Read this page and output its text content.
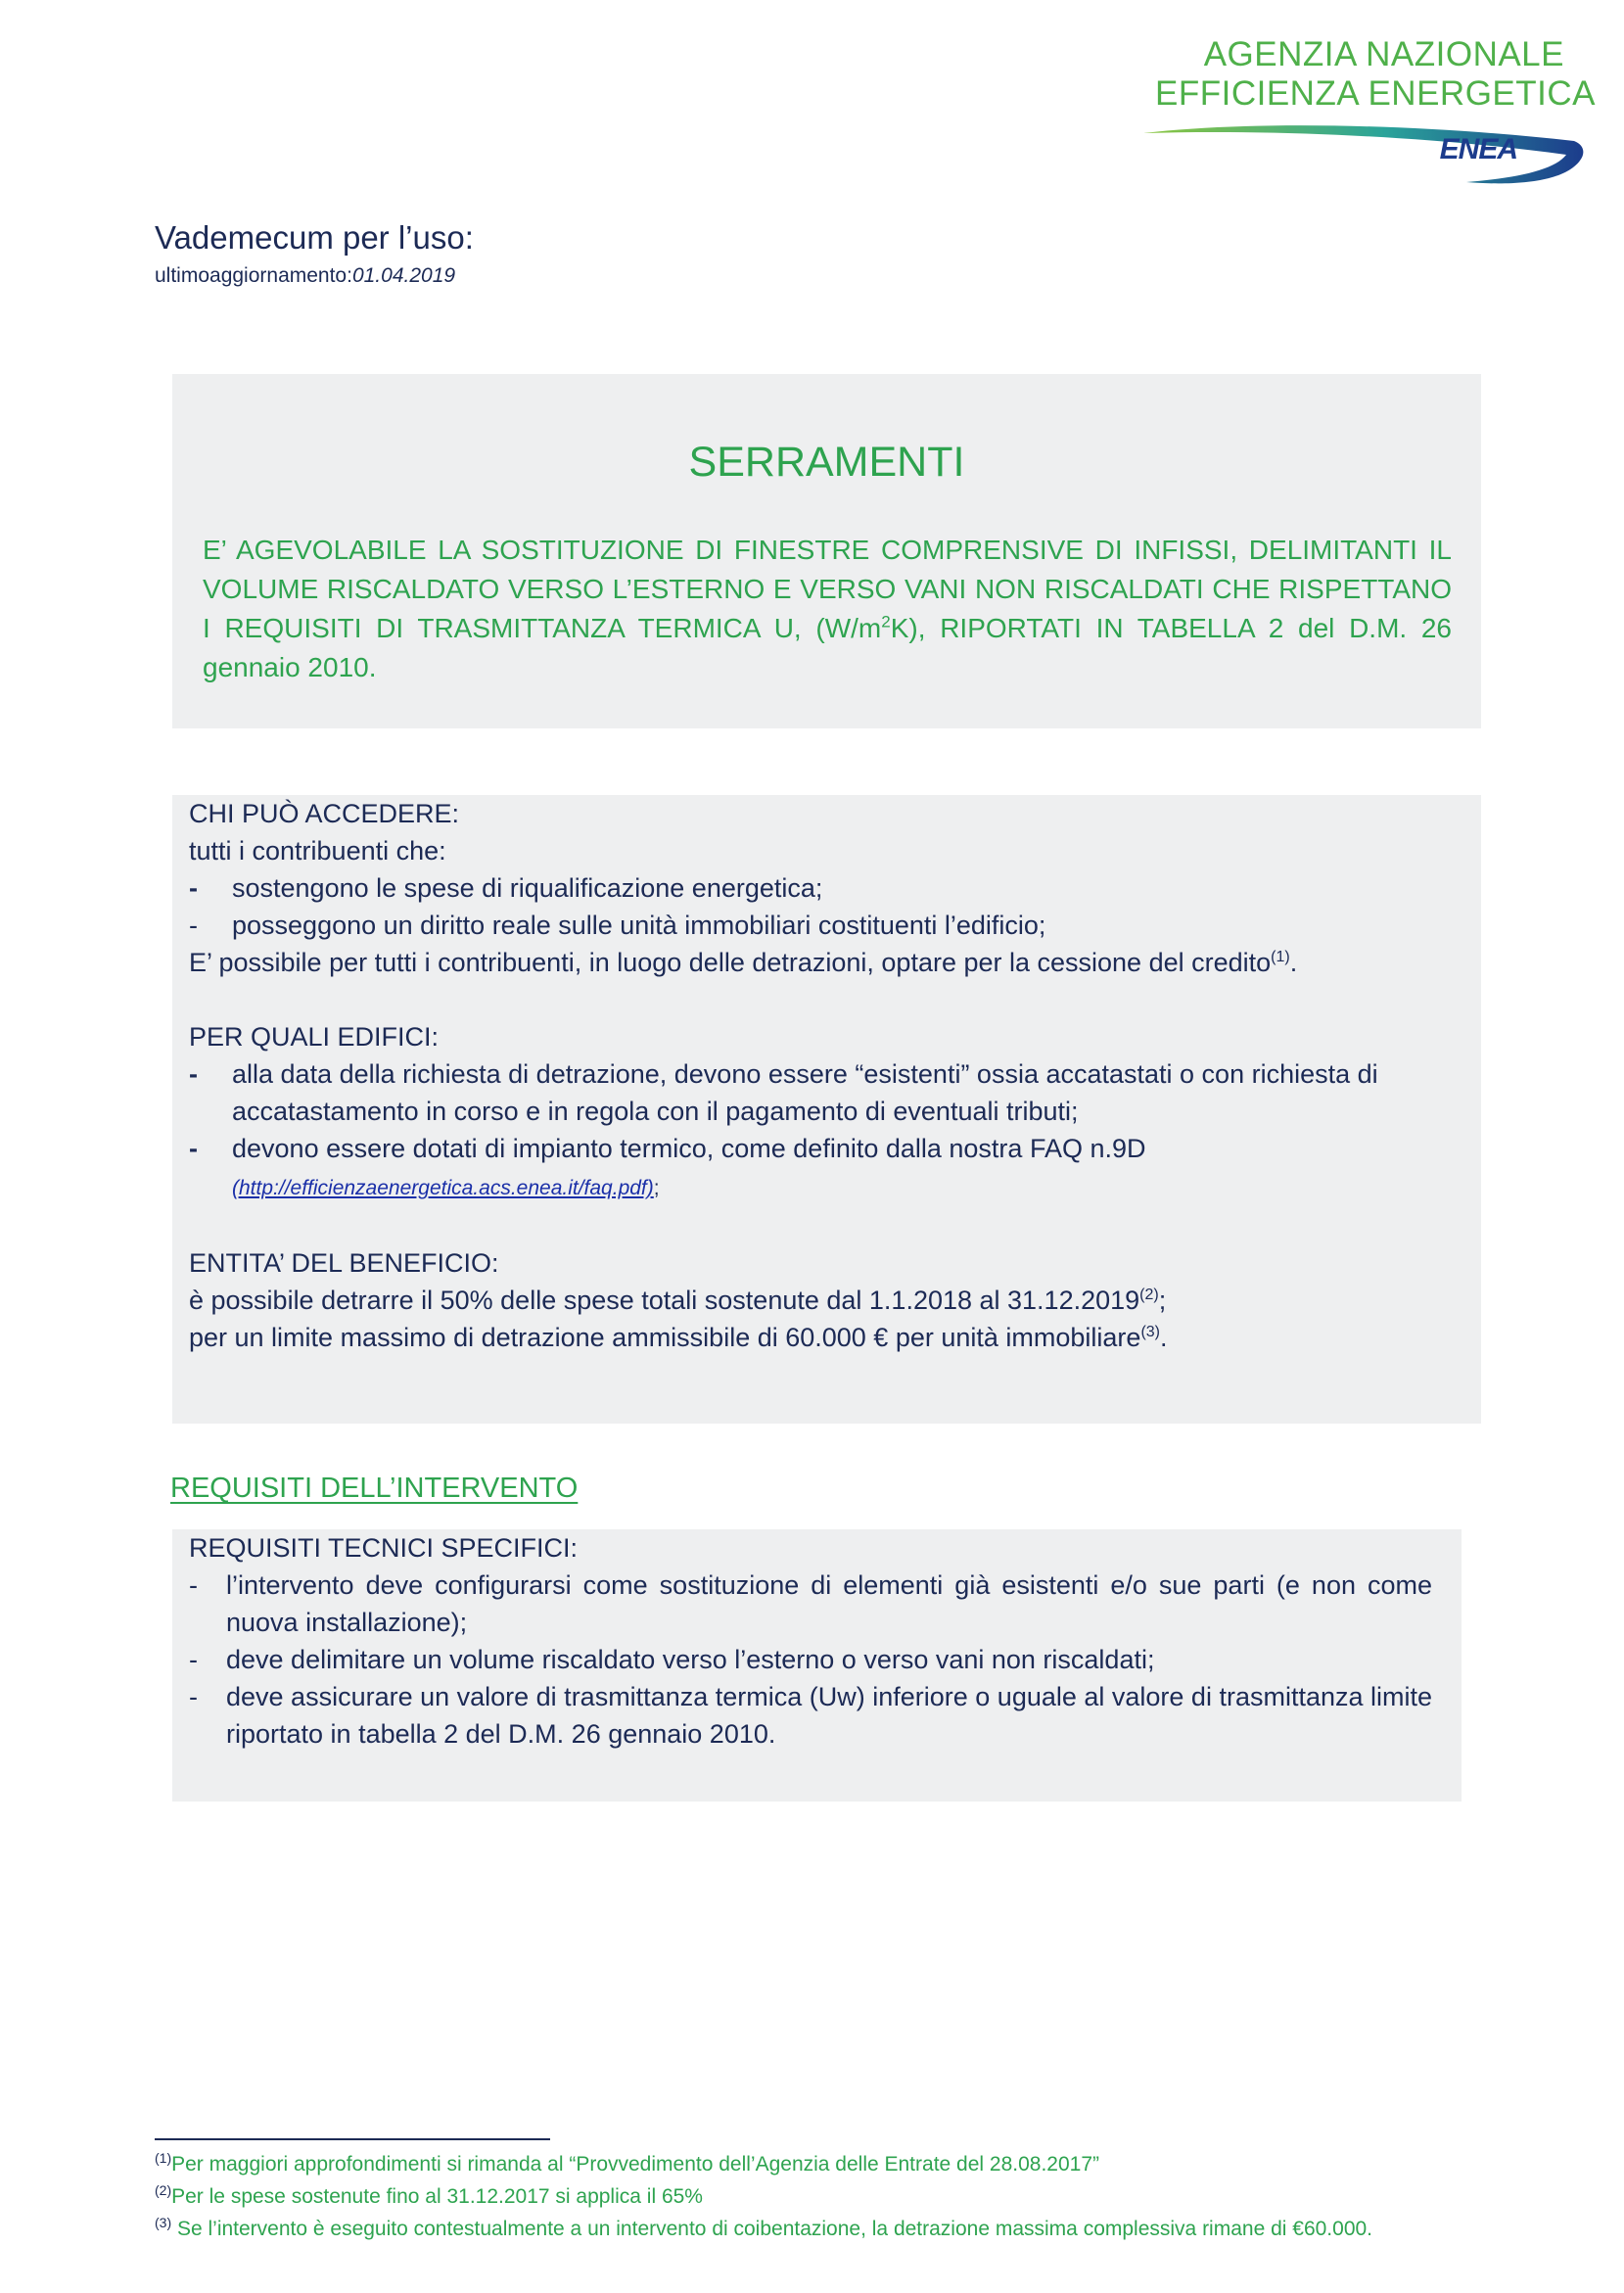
AGENZIA NAZIONALE
EFFICIENZA ENERGETICA
ENEA
Vademecum per l’uso:
ultimoaggiornamento:01.04.2019
SERRAMENTI
E’ AGEVOLABILE LA SOSTITUZIONE DI FINESTRE COMPRENSIVE DI INFISSI, DELIMITANTI IL VOLUME RISCALDATO VERSO L’ESTERNO E VERSO VANI NON RISCALDATI CHE RISPETTANO I REQUISITI DI TRASMITTANZA TERMICA U, $(W/m^2K)$, RIPORTATI IN TABELLA 2 del D.M. 26 gennaio 2010.

CHI PUÒ ACCEDERE:

tutti i contribuenti che:

- sostengono le spese di riqualificazione energetica;

- posseggono un diritto reale sulle unità immobiliari costituenti l’edificio;

E’ possibile per tutti i contribuenti, in luogo delle detrazioni, optare per la cessione del credito$^{(1)}$.

PER QUALI EDIFICI:

- alla data della richiesta di detrazione, devono essere “esistenti” ossia accatastati o con richiesta di accatastamento in corso e in regola con il pagamento di eventuali tributi;

- devono essere dotati di impianto termico, come definito dalla nostra FAQ n.9D

(http://efficienzaenergetica.acs.enea.it/faq.pdf);

ENTITA’ DEL BENEFICIO:

è possibile detrarre il 50% delle spese totali sostenute dal 1.1.2018 al 31.12.2019$^{(2)}$;

per un limite massimo di detrazione ammissibile di 60.000 € per unità immobiliare$^{(3)}$.

REQUISITI DELL’INTERVENTO

REQUISITI TECNICI SPECIFICI:

- l’intervento deve configurarsi come sostituzione di elementi già esistenti e/o sue parti (e non come nuova installazione);

- deve delimitare un volume riscaldato verso l’esterno o verso vani non riscaldati;

- deve assicurare un valore di trasmittanza termica (Uw) inferiore o uguale al valore di trasmittanza limite riportato in tabella 2 del D.M. 26 gennaio 2010.

$^{(1)}$Per maggiori approfondimenti si rimanda al “Provvedimento dell’Agenzia delle Entrate del 28.08.2017”

$^{(2)}$Per le spese sostenute fino al 31.12.2017 si applica il 65%

$^{(3)}$ Se l’intervento è eseguito contestualmente a un intervento di coibentazione, la detrazione massima complessiva rimane di €60.000.
